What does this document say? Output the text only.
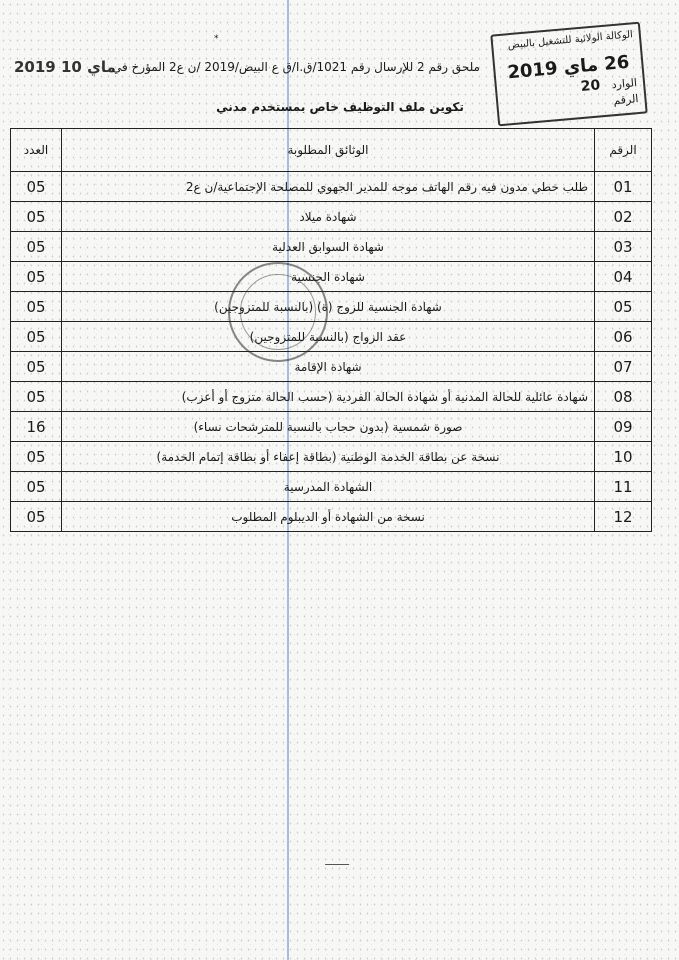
*
2019 ماي 10
ملحق رقم 2 للإرسال رقم 1021/ق.ا/ق ع البيض/2019 /ن ع2 المؤرخ في
الوكالة الولائية للتشغيل بالبيض
26 ماي 2019
الوارد 20
الرقم
تكوين ملف التوظيف خاص بمستخدم مدني
الرقم	الوثائق المطلوبة	العدد
01	طلب خطي مدون فيه رقم الهاتف موجه للمدير الجهوي للمصلحة الإجتماعية/ن ع2	05
02	شهادة ميلاد	05
03	شهادة السوابق العدلية	05
04	شهادة الجنسية	05
05	شهادة الجنسية للزوج (ة) (بالنسبة للمتزوجين)	05
06	عقد الزواج (بالنسبة للمتزوجين)	05
07	شهادة الإقامة	05
08	شهادة عائلية للحالة المدنية أو شهادة الحالة الفردية (حسب الحالة متزوج أو أعزب)	05
09	صورة شمسية (بدون حجاب بالنسبة للمترشحات نساء)	16
10	نسخة عن بطاقة الخدمة الوطنية (بطاقة إعفاء أو بطاقة إتمام الخدمة)	05
11	الشهادة المدرسية	05
12	نسخة من الشهادة أو الديبلوم المطلوب	05
